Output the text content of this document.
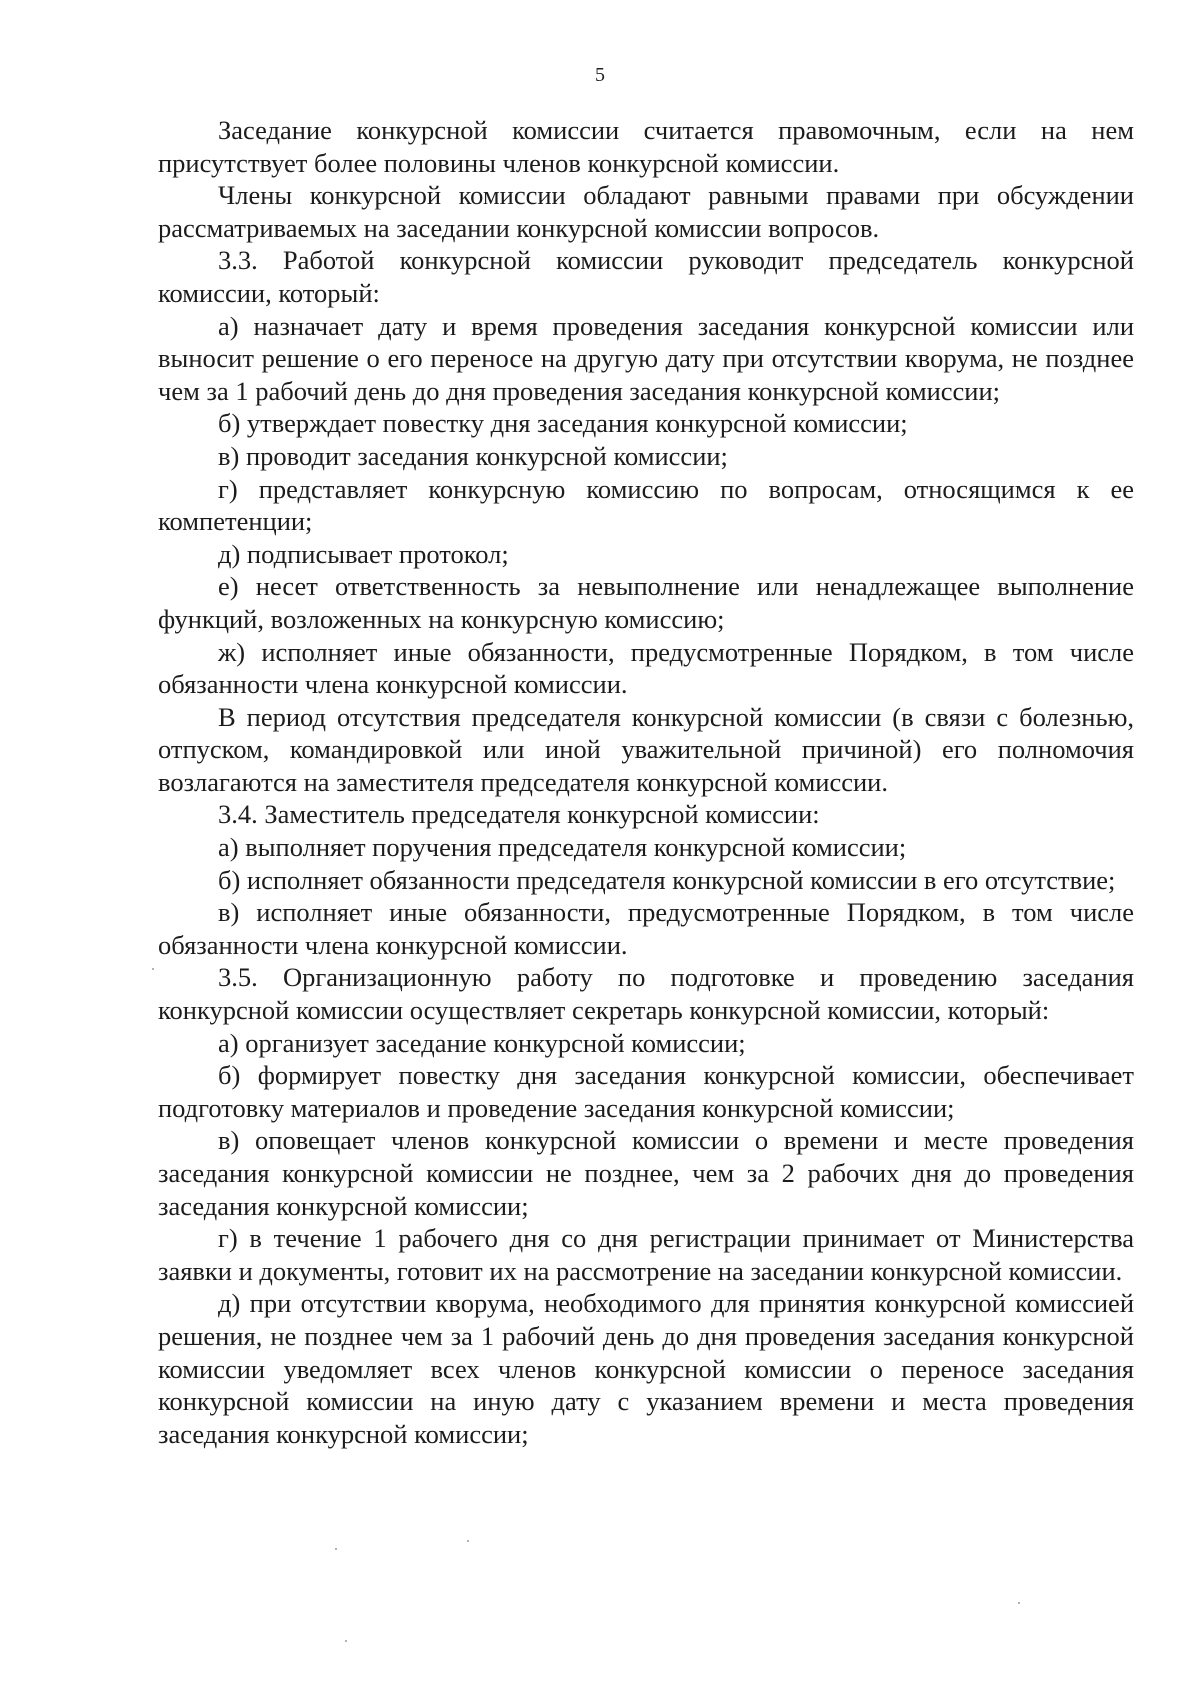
5

Заседание конкурсной комиссии считается правомочным, если на нем присутствует более половины членов конкурсной комиссии.

Члены конкурсной комиссии обладают равными правами при обсуждении рассматриваемых на заседании конкурсной комиссии вопросов.

3.3. Работой конкурсной комиссии руководит председатель конкурсной комиссии, который:

а) назначает дату и время проведения заседания конкурсной комиссии или выносит решение о его переносе на другую дату при отсутствии кворума, не позднее чем за 1 рабочий день до дня проведения заседания конкурсной комиссии;

б) утверждает повестку дня заседания конкурсной комиссии;

в) проводит заседания конкурсной комиссии;

г) представляет конкурсную комиссию по вопросам, относящимся к ее компетенции;

д) подписывает протокол;

е) несет ответственность за невыполнение или ненадлежащее выполнение функций, возложенных на конкурсную комиссию;

ж) исполняет иные обязанности, предусмотренные Порядком, в том числе обязанности члена конкурсной комиссии.

В период отсутствия председателя конкурсной комиссии (в связи с болезнью, отпуском, командировкой или иной уважительной причиной) его полномочия возлагаются на заместителя председателя конкурсной комиссии.

3.4. Заместитель председателя конкурсной комиссии:

а) выполняет поручения председателя конкурсной комиссии;

б) исполняет обязанности председателя конкурсной комиссии в его отсутствие;

в) исполняет иные обязанности, предусмотренные Порядком, в том числе обязанности члена конкурсной комиссии.

3.5. Организационную работу по подготовке и проведению заседания конкурсной комиссии осуществляет секретарь конкурсной комиссии, который:

а) организует заседание конкурсной комиссии;

б) формирует повестку дня заседания конкурсной комиссии, обеспечивает подготовку материалов и проведение заседания конкурсной комиссии;

в) оповещает членов конкурсной комиссии о времени и месте проведения заседания конкурсной комиссии не позднее, чем за 2 рабочих дня до проведения заседания конкурсной комиссии;

г) в течение 1 рабочего дня со дня регистрации принимает от Министерства заявки и документы, готовит их на рассмотрение на заседании конкурсной комиссии.

д) при отсутствии кворума, необходимого для принятия конкурсной комиссией решения, не позднее чем за 1 рабочий день до дня проведения заседания конкурсной комиссии уведомляет всех членов конкурсной комиссии о переносе заседания конкурсной комиссии на иную дату с указанием времени и места проведения заседания конкурсной комиссии;
